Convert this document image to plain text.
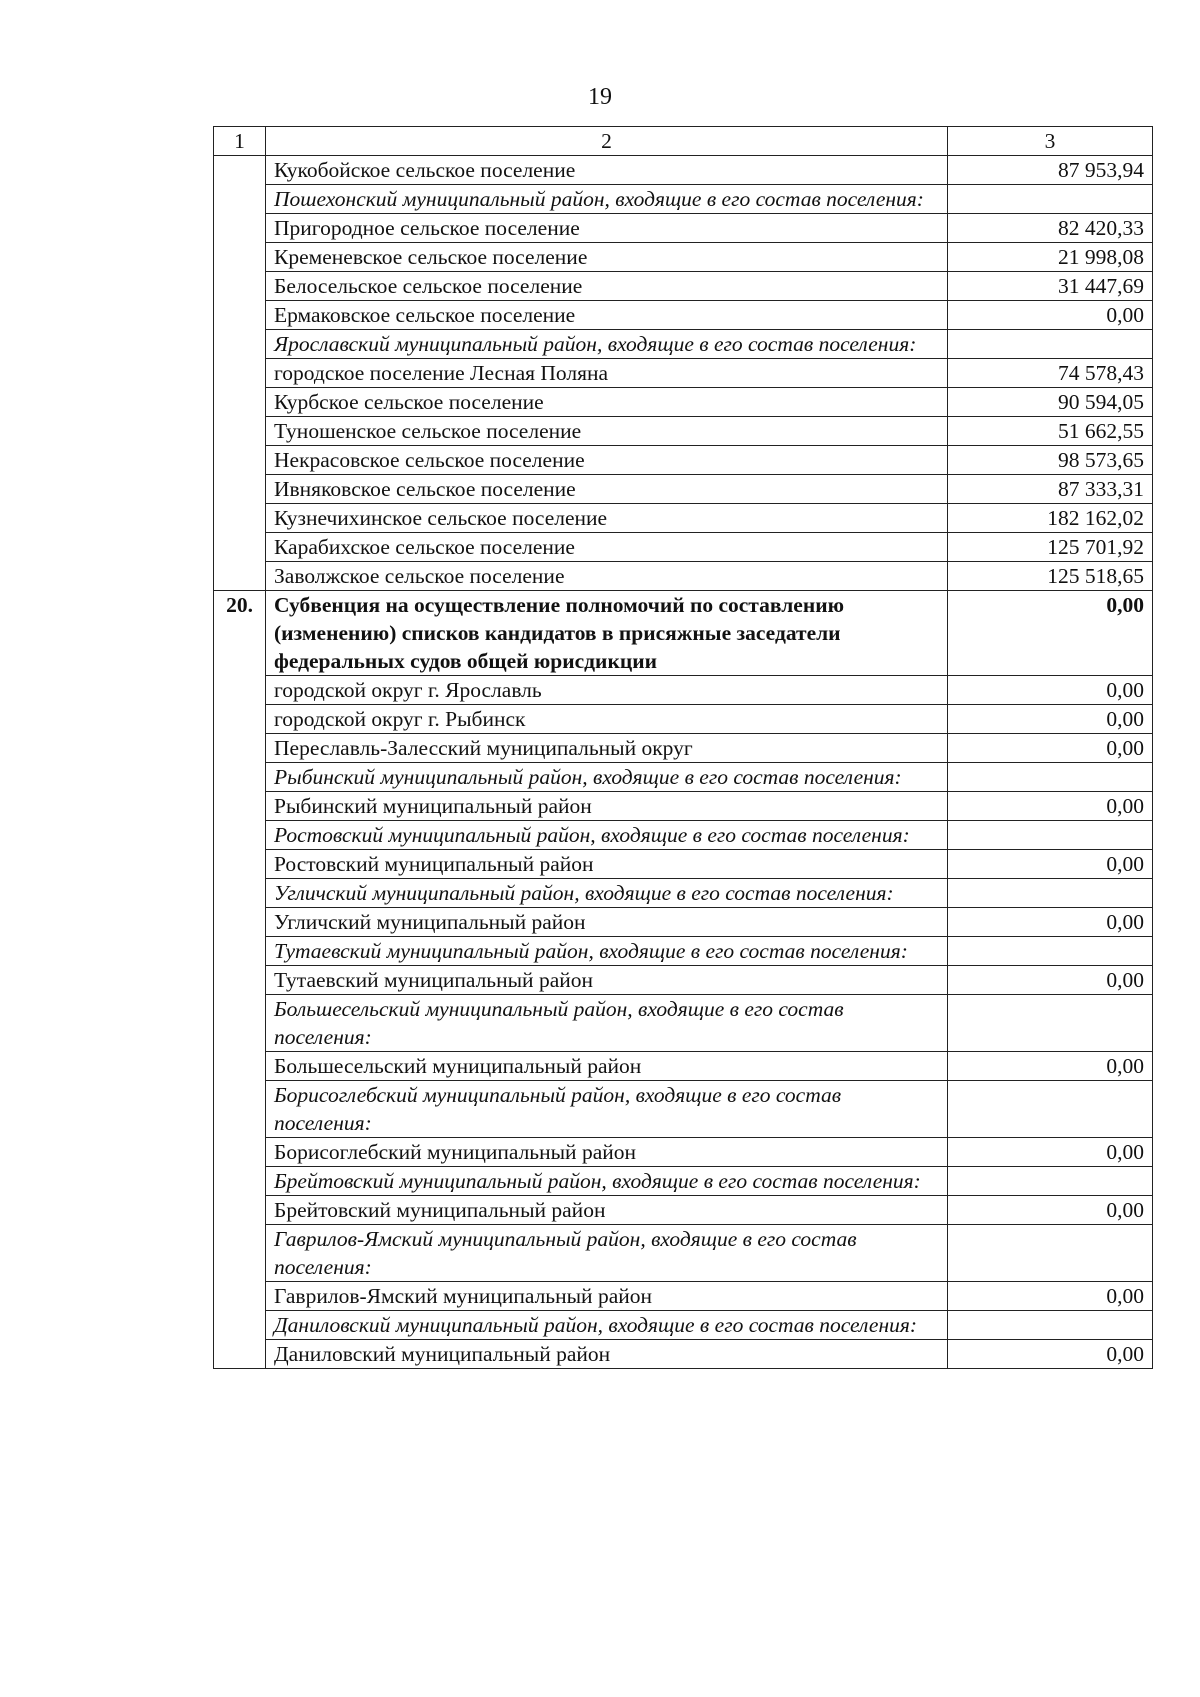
19
1	2	3
	Кукобойское сельское поселение	87 953,94
	Пошехонский муниципальный район, входящие в его состав поселения:	
	Пригородное сельское поселение	82 420,33
	Кременевское сельское поселение	21 998,08
	Белосельское сельское поселение	31 447,69
	Ермаковское сельское поселение	0,00
	Ярославский муниципальный район, входящие в его состав поселения:	
	городское поселение Лесная Поляна	74 578,43
	Курбское сельское поселение	90 594,05
	Туношенское сельское поселение	51 662,55
	Некрасовское сельское поселение	98 573,65
	Ивняковское сельское поселение	87 333,31
	Кузнечихинское сельское поселение	182 162,02
	Карабихское сельское поселение	125 701,92
	Заволжское сельское поселение	125 518,65
20.	Субвенция на осуществление полномочий по составлению (изменению) списков кандидатов в присяжные заседатели федеральных судов общей юрисдикции	0,00
	городской округ г. Ярославль	0,00
	городской округ г. Рыбинск	0,00
	Переславль-Залесский муниципальный округ	0,00
	Рыбинский муниципальный район, входящие в его состав поселения:	
	Рыбинский муниципальный район	0,00
	Ростовский муниципальный район, входящие в его состав поселения:	
	Ростовский муниципальный район	0,00
	Угличский муниципальный район, входящие в его состав поселения:	
	Угличский муниципальный район	0,00
	Тутаевский муниципальный район, входящие в его состав поселения:	
	Тутаевский муниципальный район	0,00
	Большесельский муниципальный район, входящие в его состав поселения:	
	Большесельский муниципальный район	0,00
	Борисоглебский муниципальный район, входящие в его состав поселения:	
	Борисоглебский муниципальный район	0,00
	Брейтовский муниципальный район, входящие в его состав поселения:	
	Брейтовский муниципальный район	0,00
	Гаврилов-Ямский муниципальный район, входящие в его состав поселения:	
	Гаврилов-Ямский муниципальный район	0,00
	Даниловский муниципальный район, входящие в его состав поселения:	
	Даниловский муниципальный район	0,00
